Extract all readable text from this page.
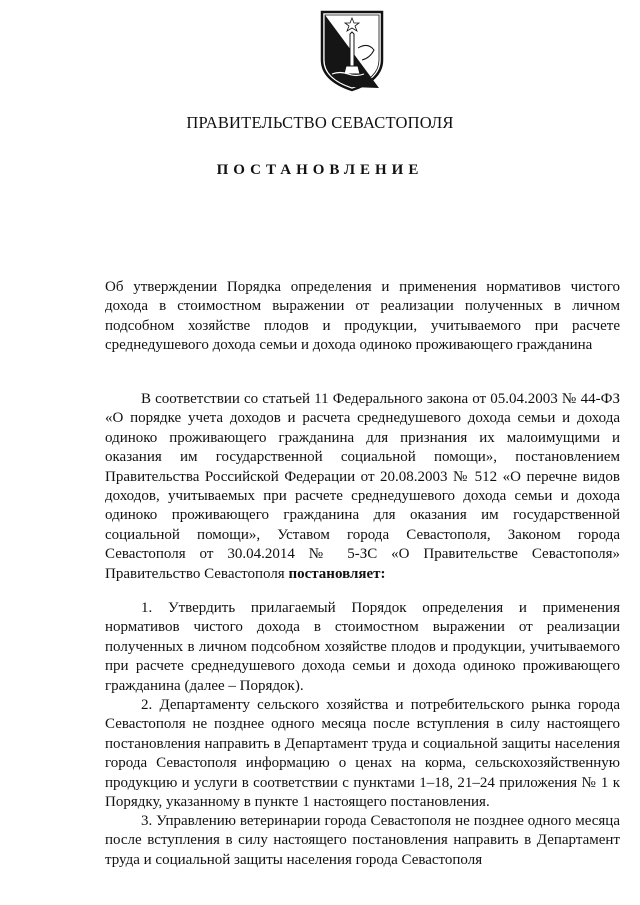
ПРАВИТЕЛЬСТВО СЕВАСТОПОЛЯ
ПОСТАНОВЛЕНИЕ
Об утверждении Порядка определения и применения нормативов чистого дохода в стоимостном выражении от реализации полученных в личном подсобном хозяйстве плодов и продукции, учитываемого при расчете среднедушевого дохода семьи и дохода одиноко проживающего гражданина
В соответствии со статьей 11 Федерального закона от 05.04.2003 № 44-ФЗ «О порядке учета доходов и расчета среднедушевого дохода семьи и дохода одиноко проживающего гражданина для признания их малоимущими и оказания им государственной социальной помощи», постановлением Правительства Российской Федерации от 20.08.2003 № 512 «О перечне видов доходов, учитываемых при расчете среднедушевого дохода семьи и дохода одиноко проживающего гражданина для оказания им государственной социальной помощи», Уставом города Севастополя, Законом города Севастополя от 30.04.2014 № 5-ЗС «О Правительстве Севастополя» Правительство Севастополя постановляет:
1. Утвердить прилагаемый Порядок определения и применения нормативов чистого дохода в стоимостном выражении от реализации полученных в личном подсобном хозяйстве плодов и продукции, учитываемого при расчете среднедушевого дохода семьи и дохода одиноко проживающего гражданина (далее – Порядок).
2. Департаменту сельского хозяйства и потребительского рынка города Севастополя не позднее одного месяца после вступления в силу настоящего постановления направить в Департамент труда и социальной защиты населения города Севастополя информацию о ценах на корма, сельскохозяйственную продукцию и услуги в соответствии с пунктами 1–18, 21–24 приложения № 1 к Порядку, указанному в пункте 1 настоящего постановления.
3. Управлению ветеринарии города Севастополя не позднее одного месяца после вступления в силу настоящего постановления направить в Департамент труда и социальной защиты населения города Севастополя
